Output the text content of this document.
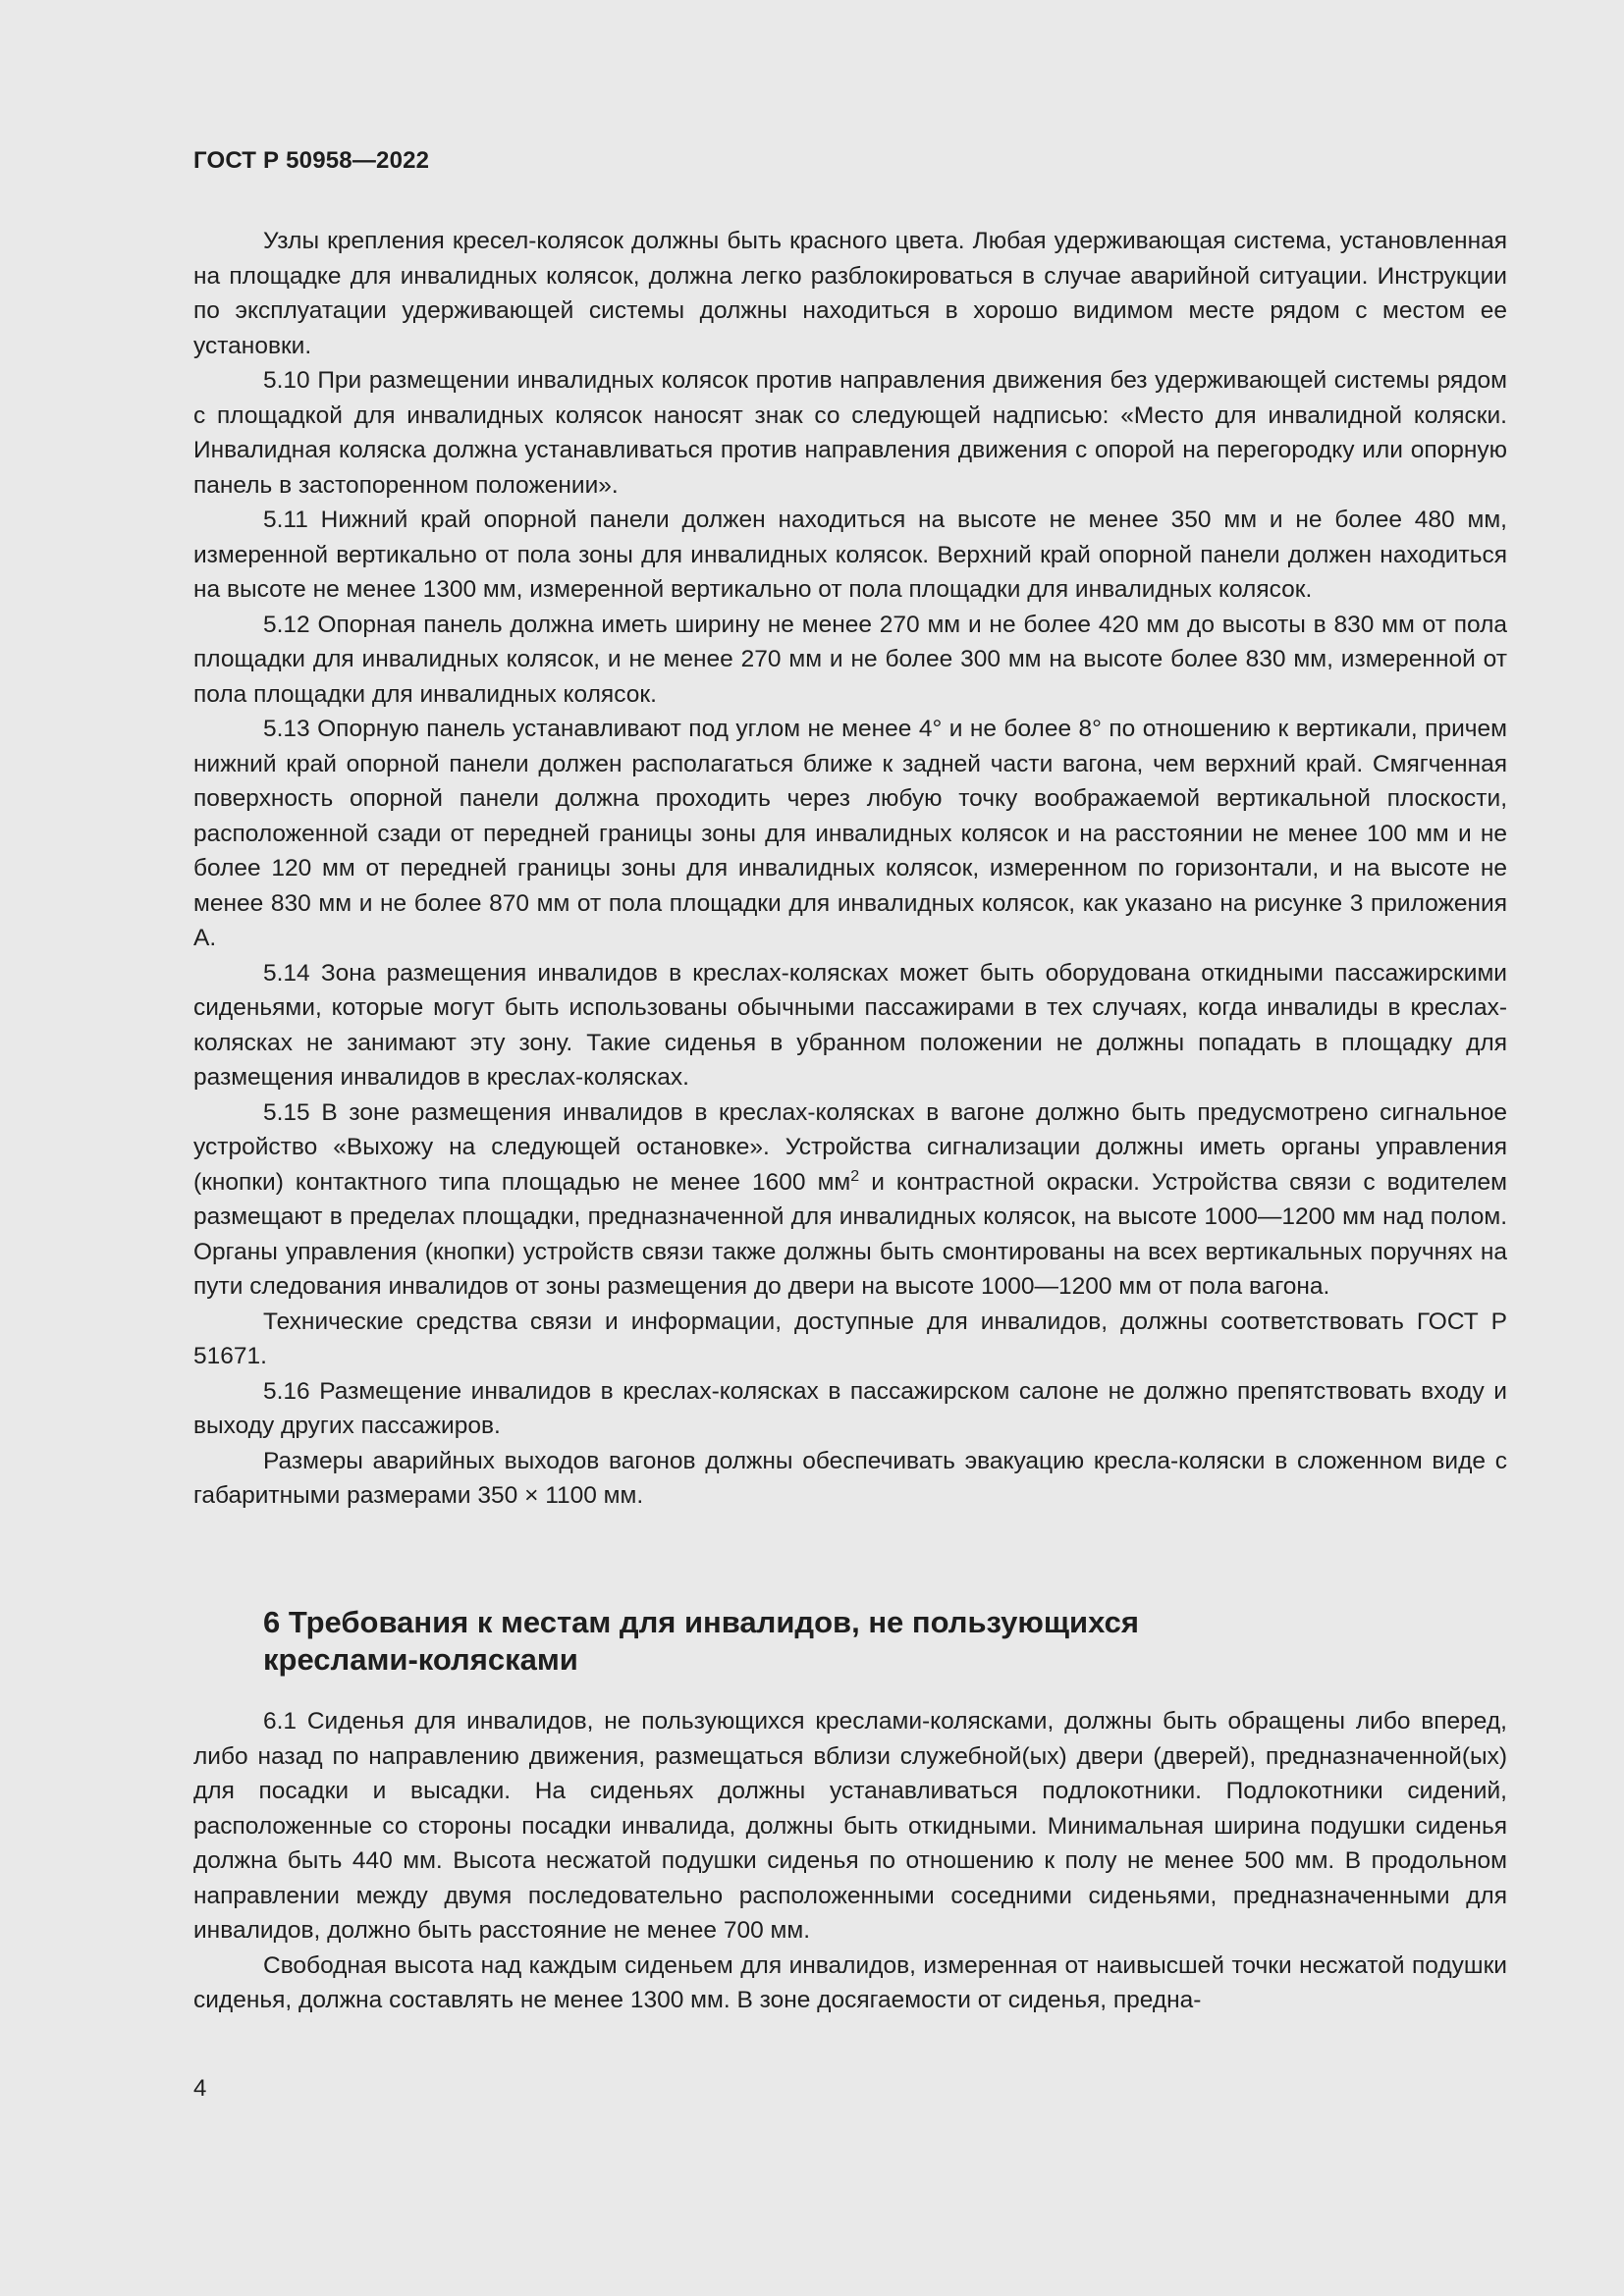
ГОСТ Р 50958—2022

Узлы крепления кресел-колясок должны быть красного цвета. Любая удерживающая система, установленная на площадке для инвалидных колясок, должна легко разблокироваться в случае аварийной ситуации. Инструкции по эксплуатации удерживающей системы должны находиться в хорошо видимом месте рядом с местом ее установки.

5.10 При размещении инвалидных колясок против направления движения без удерживающей системы рядом с площадкой для инвалидных колясок наносят знак со следующей надписью: «Место для инвалидной коляски. Инвалидная коляска должна устанавливаться против направления движения с опорой на перегородку или опорную панель в застопоренном положении».

5.11 Нижний край опорной панели должен находиться на высоте не менее 350 мм и не более 480 мм, измеренной вертикально от пола зоны для инвалидных колясок. Верхний край опорной панели должен находиться на высоте не менее 1300 мм, измеренной вертикально от пола площадки для инвалидных колясок.

5.12 Опорная панель должна иметь ширину не менее 270 мм и не более 420 мм до высоты в 830 мм от пола площадки для инвалидных колясок, и не менее 270 мм и не более 300 мм на высоте более 830 мм, измеренной от пола площадки для инвалидных колясок.

5.13 Опорную панель устанавливают под углом не менее 4° и не более 8° по отношению к вертикали, причем нижний край опорной панели должен располагаться ближе к задней части вагона, чем верхний край. Смягченная поверхность опорной панели должна проходить через любую точку воображаемой вертикальной плоскости, расположенной сзади от передней границы зоны для инвалидных колясок и на расстоянии не менее 100 мм и не более 120 мм от передней границы зоны для инвалидных колясок, измеренном по горизонтали, и на высоте не менее 830 мм и не более 870 мм от пола площадки для инвалидных колясок, как указано на рисунке 3 приложения А.

5.14 Зона размещения инвалидов в креслах-колясках может быть оборудована откидными пассажирскими сиденьями, которые могут быть использованы обычными пассажирами в тех случаях, когда инвалиды в креслах-колясках не занимают эту зону. Такие сиденья в убранном положении не должны попадать в площадку для размещения инвалидов в креслах-колясках.

5.15 В зоне размещения инвалидов в креслах-колясках в вагоне должно быть предусмотрено сигнальное устройство «Выхожу на следующей остановке». Устройства сигнализации должны иметь органы управления (кнопки) контактного типа площадью не менее 1600 $мм^2$ и контрастной окраски. Устройства связи с водителем размещают в пределах площадки, предназначенной для инвалидных колясок, на высоте 1000—1200 мм над полом. Органы управления (кнопки) устройств связи также должны быть смонтированы на всех вертикальных поручнях на пути следования инвалидов от зоны размещения до двери на высоте 1000—1200 мм от пола вагона.

Технические средства связи и информации, доступные для инвалидов, должны соответствовать ГОСТ Р 51671.

5.16 Размещение инвалидов в креслах-колясках в пассажирском салоне не должно препятствовать входу и выходу других пассажиров.

Размеры аварийных выходов вагонов должны обеспечивать эвакуацию кресла-коляски в сложенном виде с габаритными размерами 350 × 1100 мм.

6 Требования к местам для инвалидов, не пользующихся
креслами-колясками

6.1 Сиденья для инвалидов, не пользующихся креслами-колясками, должны быть обращены либо вперед, либо назад по направлению движения, размещаться вблизи служебной(ых) двери (дверей), предназначенной(ых) для посадки и высадки. На сиденьях должны устанавливаться подлокотники. Подлокотники сидений, расположенные со стороны посадки инвалида, должны быть откидными. Минимальная ширина подушки сиденья должна быть 440 мм. Высота несжатой подушки сиденья по отношению к полу не менее 500 мм. В продольном направлении между двумя последовательно расположенными соседними сиденьями, предназначенными для инвалидов, должно быть расстояние не менее 700 мм.

Свободная высота над каждым сиденьем для инвалидов, измеренная от наивысшей точки несжатой подушки сиденья, должна составлять не менее 1300 мм. В зоне досягаемости от сиденья, предна-

4
